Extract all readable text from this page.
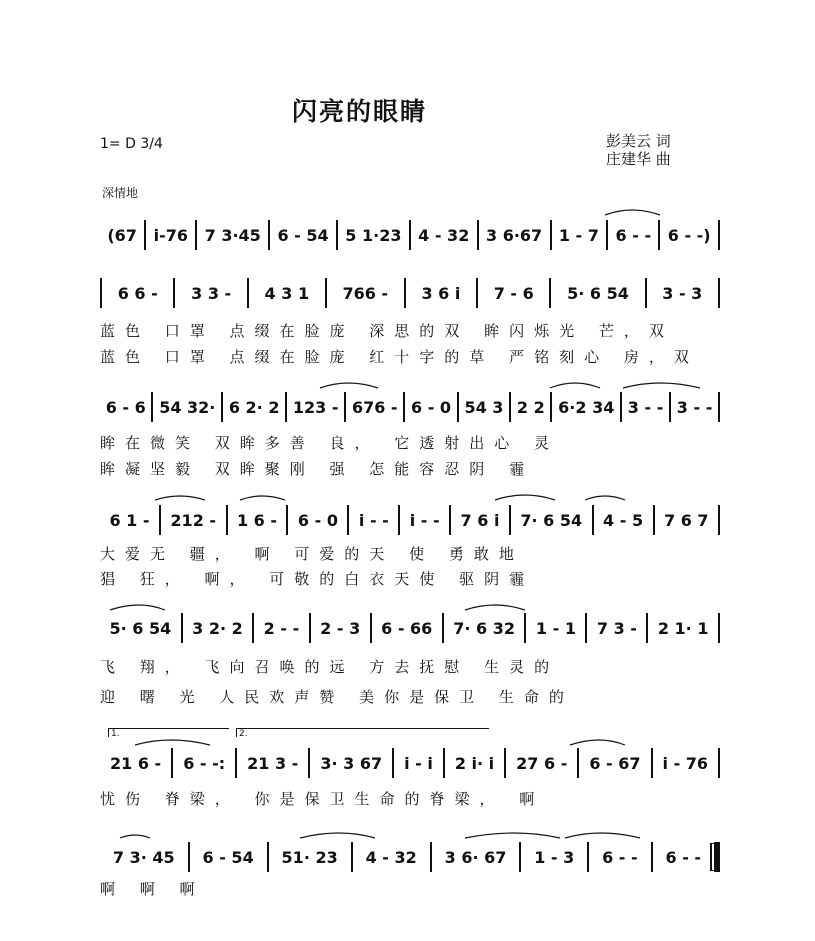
闪亮的眼睛
1= D 3/4	彭美云 词
庄建华 曲
深情地
(67	i-76	7 3·45	6 - 54	5 1·23	4 - 32	3 6·67	1 - 7	6 - -	6 - -)
6 6 -	3 3 -	4 3 1	766 -	3 6 i	7 - 6	5· 6 54	3 - 3
蓝色 口罩 点缀在脸庞 深思的双 眸闪烁光 芒，双
蓝色 口罩 点缀在脸庞 红十字的草 严铭刻心 房，双
6 - 6 54 32· 6 2· 2 123 - 676 - 6 - 0 54 3 2 2 6·2 34 3 - - 3 - -
眸在微笑 双眸多善 良， 它透射出心 灵
眸凝坚毅 双眸聚刚 强 怎能容忍阴 霾
6 1 -	212 -	1 6 -	6 - 0	i - -	i - -	7 6 i	7· 6 54	4 - 5	7 6 7
大爱无 疆， 啊 可爱的天 使 勇敢地
猖 狂， 啊， 可敬的白衣天使 驱阴霾
5· 6 54	3 2· 2	2 - -	2 - 3	6 - 66	7· 6 32	1 - 1	7 3 -	2 1· 1
飞 翔， 飞向召唤的远 方去抚慰 生灵的
迎 曙 光 人民欢声赞 美你是保卫 生命的
1.	2.
21 6 -	6 - -:	21 3 -	3· 3 67	i - i	2 i· i	27 6 -	6 - 67	i - 76
忧伤 脊梁， 你是保卫生命的脊梁， 啊
7 3· 45	6 - 54	51· 23	4 - 32	3 6· 67	1 - 3	6 - -	6 - -
啊 啊 啊
